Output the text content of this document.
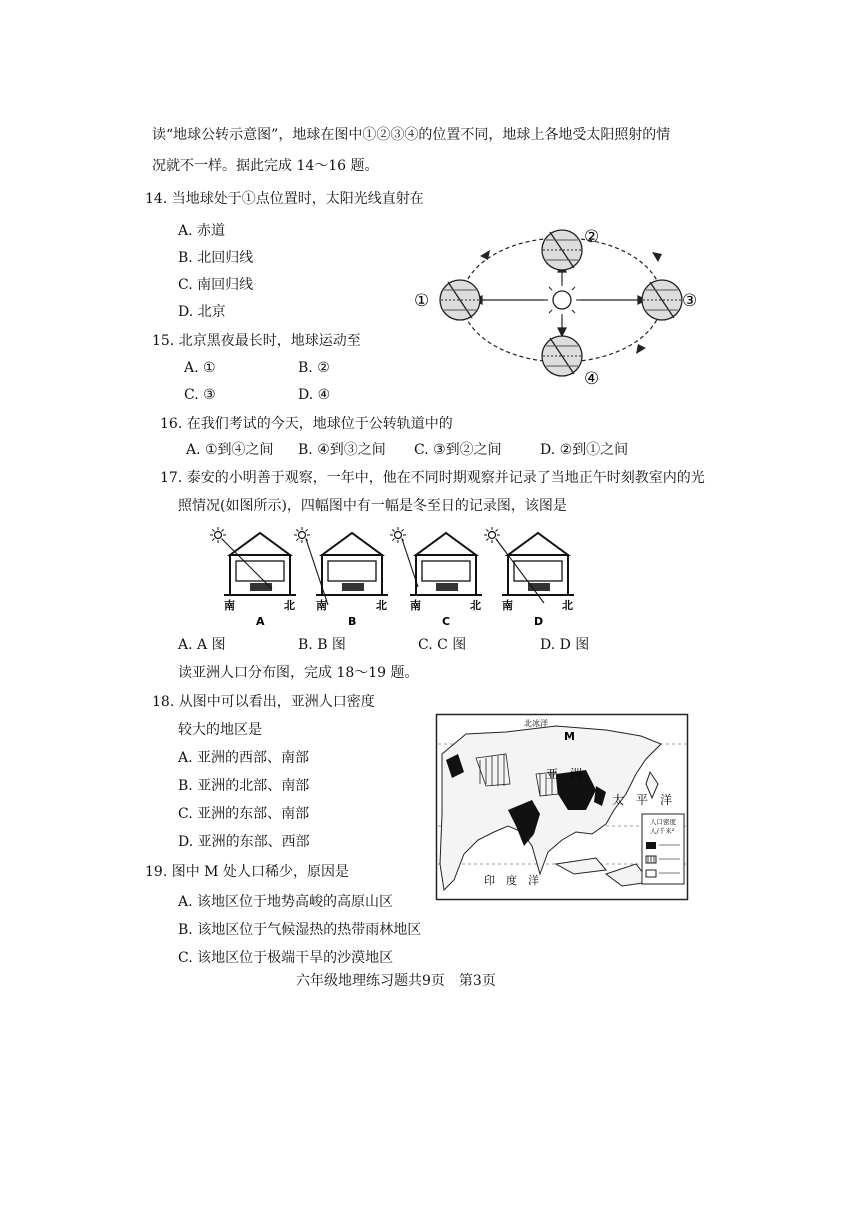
读“地球公转示意图”，地球在图中①②③④的位置不同，地球上各地受太阳照射的情
况就不一样。据此完成 14～16 题。
14. 当地球处于①点位置时，太阳光线直射在
A. 赤道
B. 北回归线
C. 南回归线
D. 北京
①
②
③
④
15. 北京黑夜最长时，地球运动至
A. ①	B. ②
C. ③	D. ④
16. 在我们考试的今天，地球位于公转轨道中的
A. ①到④之间 B. ④到③之间 C. ③到②之间	D. ②到①之间
17. 泰安的小明善于观察，一年中，他在不同时期观察并记录了当地正午时刻教室内的光
照情况(如图所示)，四幅图中有一幅是冬至日的记录图，该图是
南	北
A
南	北
B
南	北
C
南	北
D
A. A 图	B. B 图	C. C 图	D. D 图
读亚洲人口分布图，完成 18～19 题。
18. 从图中可以看出，亚洲人口密度
较大的地区是
A. 亚洲的西部、南部
B. 亚洲的北部、南部
C. 亚洲的东部、南部
D. 亚洲的东部、西部
M
北冰洋
亚　洲
太　平　洋
印　度　洋
人口密度
人/千米²
19. 图中 M 处人口稀少，原因是
A. 该地区位于地势高峻的高原山区
B. 该地区位于气候湿热的热带雨林地区
C. 该地区位于极端干旱的沙漠地区
六年级地理练习题共9页　第3页
